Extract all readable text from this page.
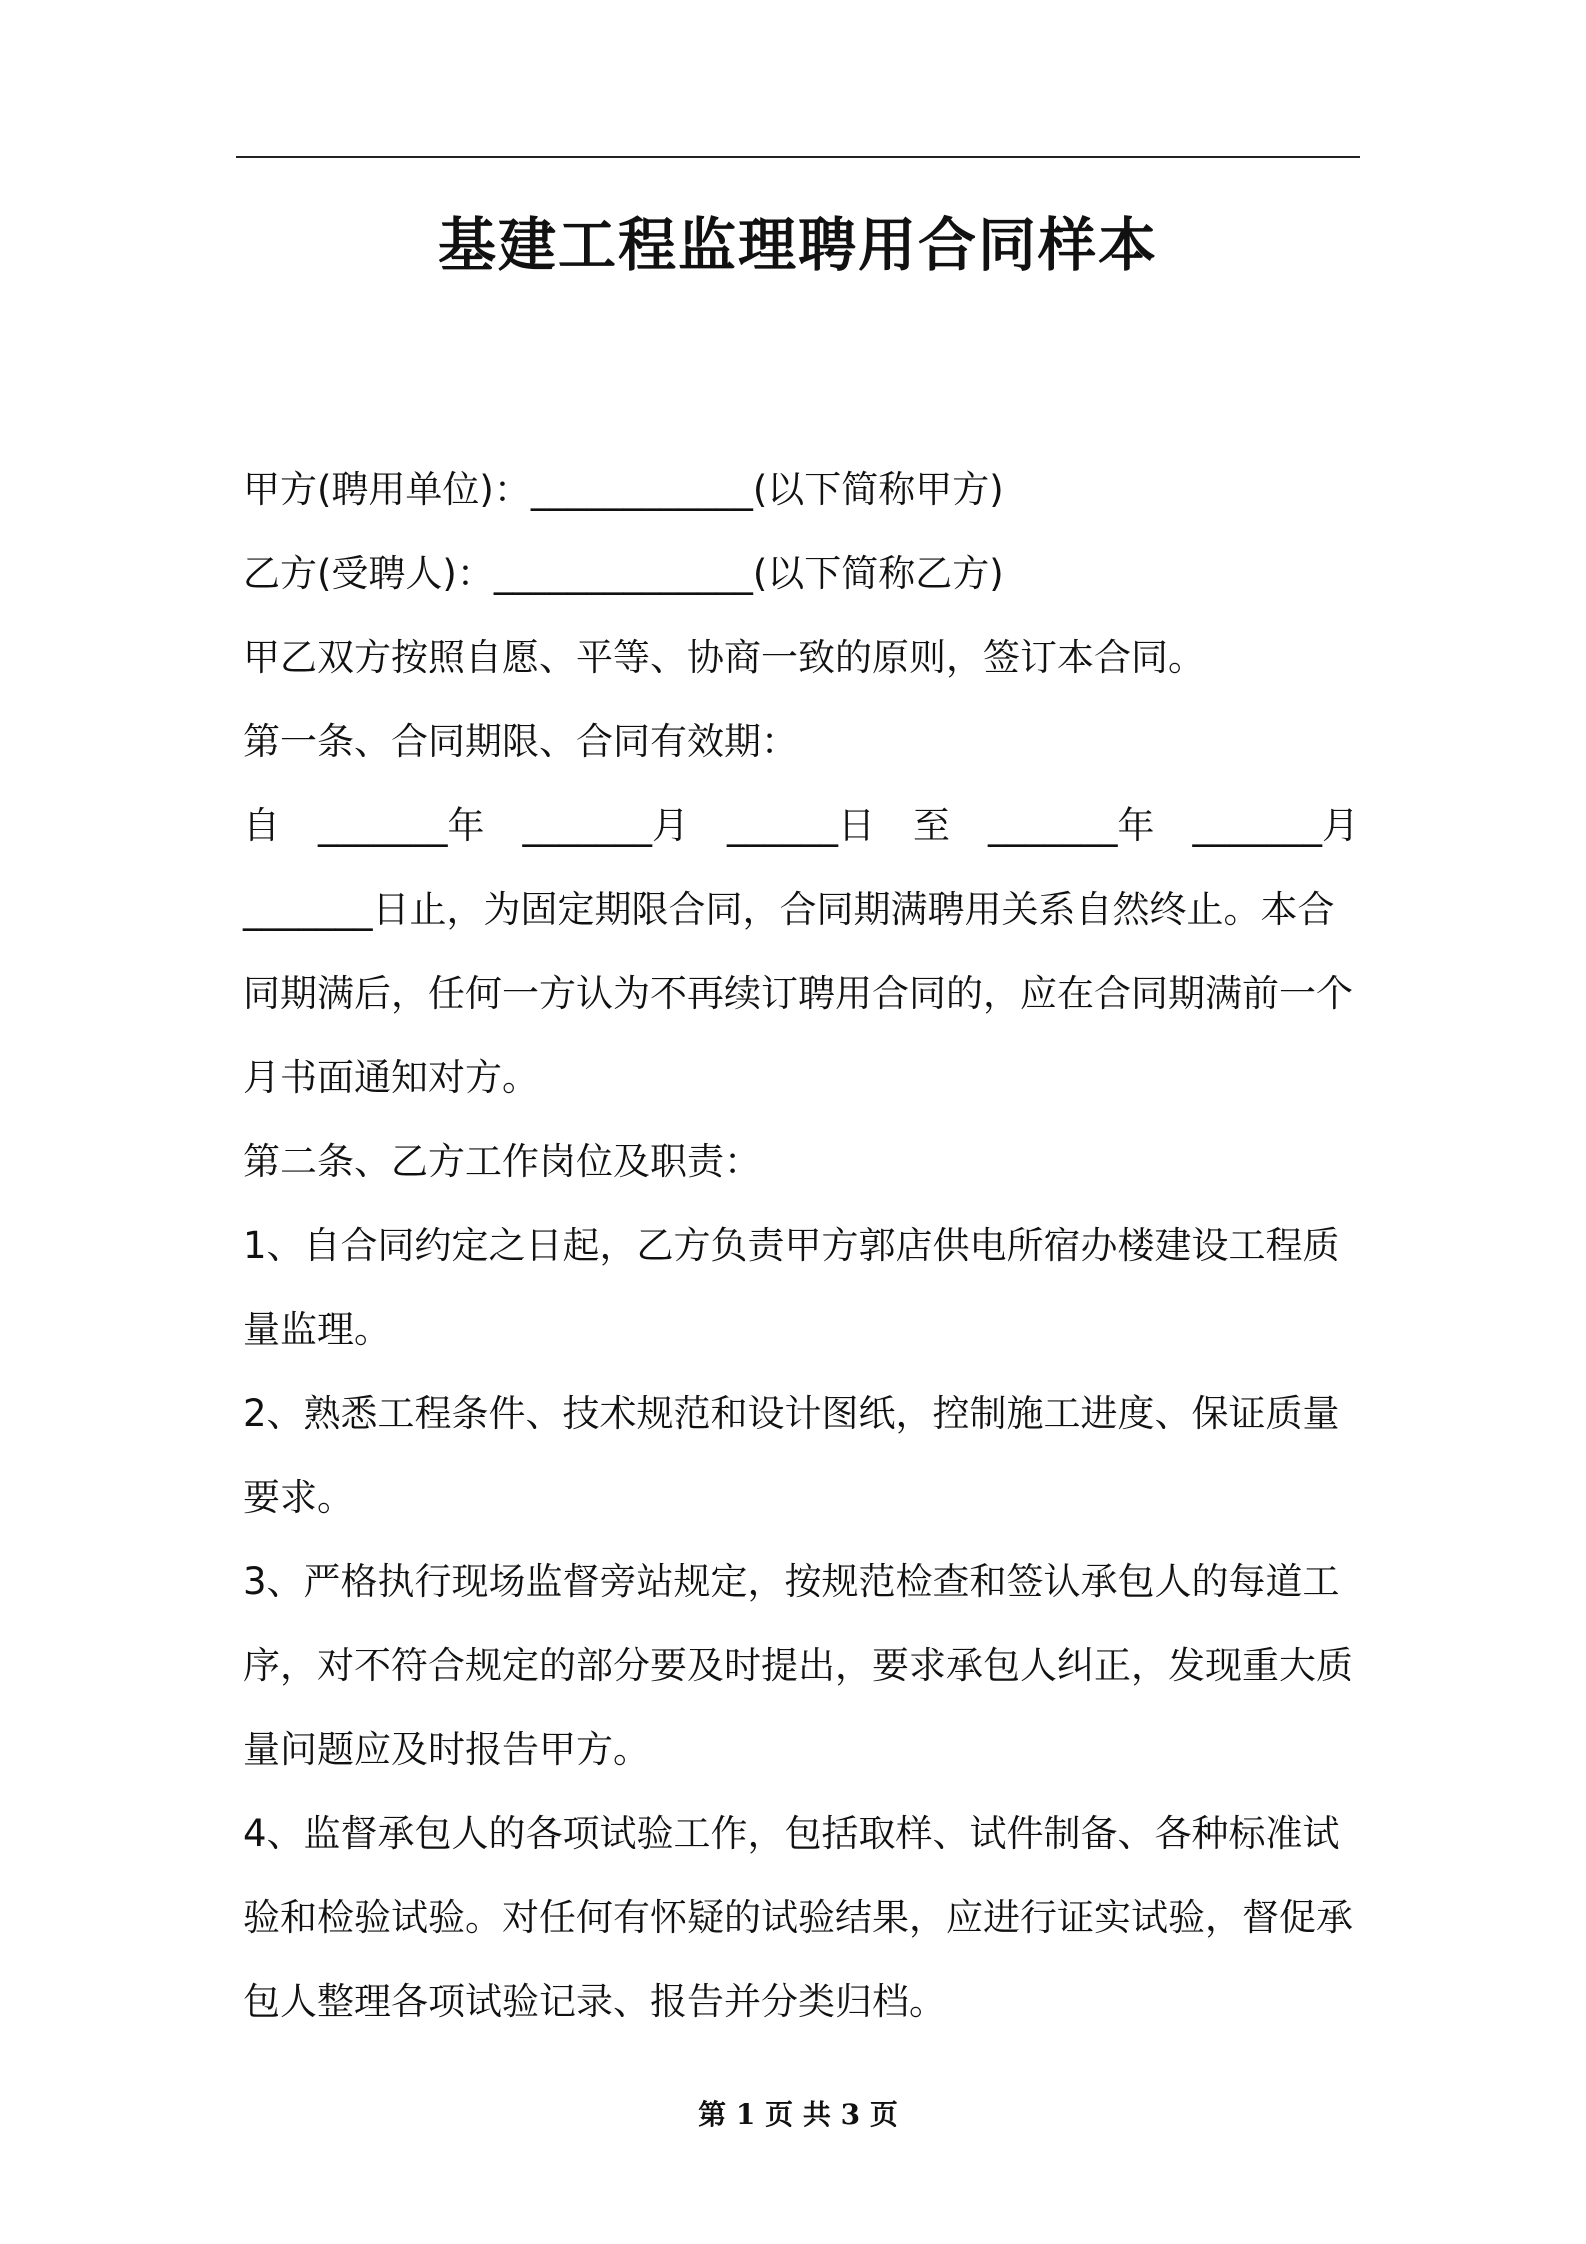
基建工程监理聘用合同样本

甲方(聘用单位)：____________(以下简称甲方)

乙方(受聘人)：______________(以下简称乙方)

甲乙双方按照自愿、平等、协商一致的原则，签订本合同。

第一条、合同期限、合同有效期：

自 _______年 _______月 ______日 至 _______年 _______月

_______日止，为固定期限合同，合同期满聘用关系自然终止。本合同期满后，任何一方认为不再续订聘用合同的，应在合同期满前一个月书面通知对方。

第二条、乙方工作岗位及职责：

1、自合同约定之日起，乙方负责甲方郭店供电所宿办楼建设工程质量监理。

2、熟悉工程条件、技术规范和设计图纸，控制施工进度、保证质量要求。

3、严格执行现场监督旁站规定，按规范检查和签认承包人的每道工序，对不符合规定的部分要及时提出，要求承包人纠正，发现重大质量问题应及时报告甲方。

4、监督承包人的各项试验工作，包括取样、试件制备、各种标准试验和检验试验。对任何有怀疑的试验结果，应进行证实试验，督促承包人整理各项试验记录、报告并分类归档。

第 1 页 共 3 页
